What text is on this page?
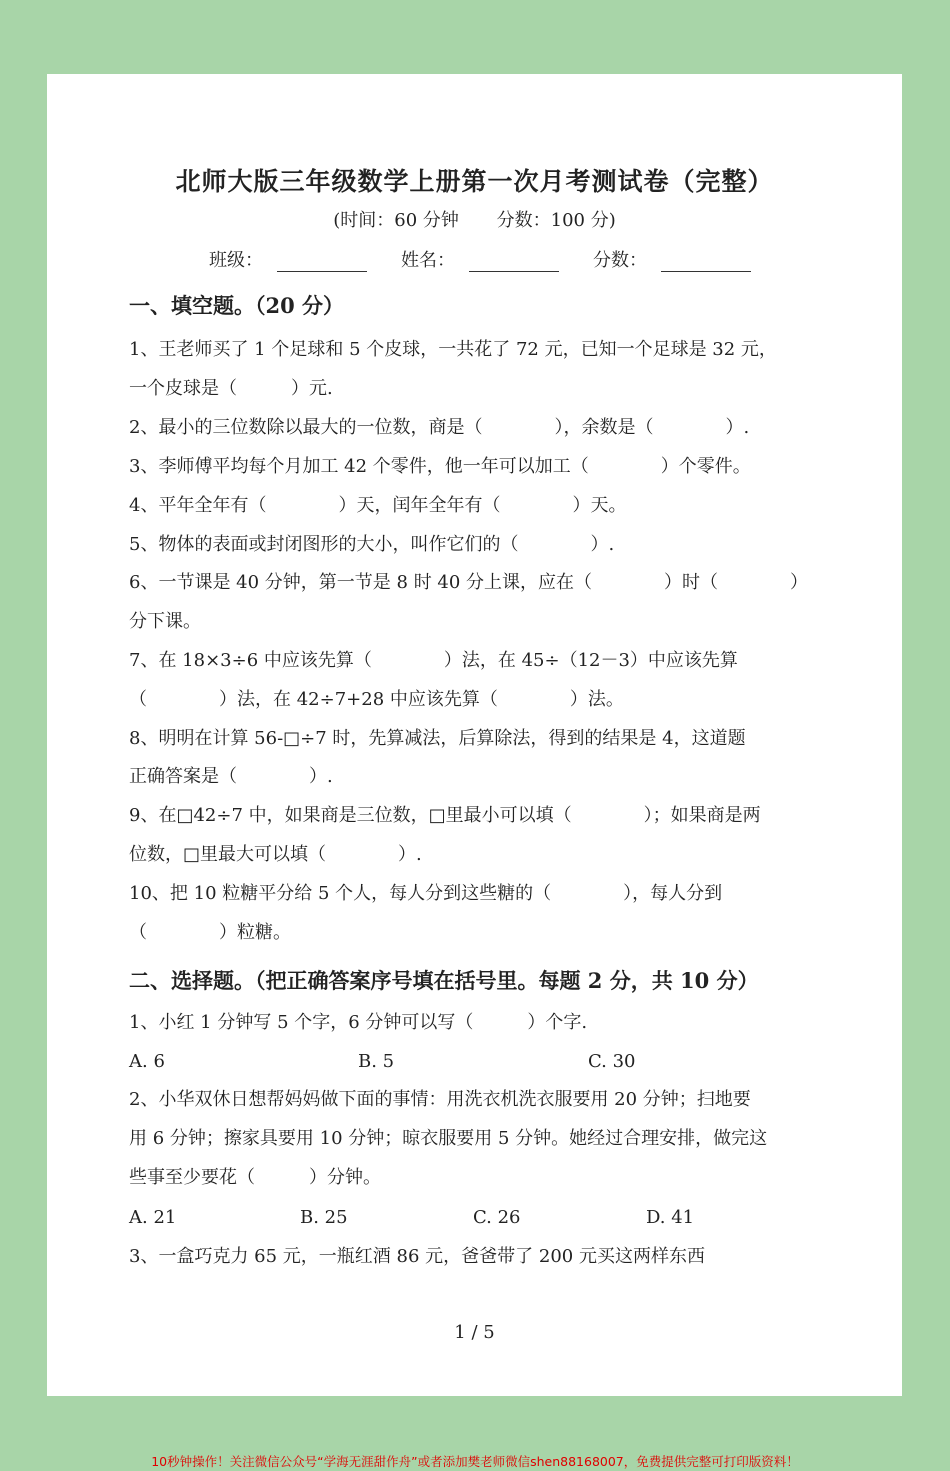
北师大版三年级数学上册第一次月考测试卷（完整）
(时间：60 分钟 分数：100 分)
班级：	姓名：	分数：
一、填空题。（20 分）
1、王老师买了 1 个足球和 5 个皮球，一共花了 72 元，已知一个足球是 32 元，
一个皮球是（　　　）元.
2、最小的三位数除以最大的一位数，商是（　　　　），余数是（　　　　）.
3、李师傅平均每个月加工 42 个零件，他一年可以加工（　　　　）个零件。
4、平年全年有（　　　　）天，闰年全年有（　　　　）天。
5、物体的表面或封闭图形的大小，叫作它们的（　　　　）.
6、一节课是 40 分钟，第一节是 8 时 40 分上课，应在（　　　　）时（　　　　）
分下课。
7、在 18×3÷6 中应该先算（　　　　）法，在 45÷（12－3）中应该先算
（　　　　）法，在 42÷7+28 中应该先算（　　　　）法。
8、明明在计算 56-□÷7 时，先算减法，后算除法，得到的结果是 4，这道题
正确答案是（　　　　）.
9、在□42÷7 中，如果商是三位数，□里最小可以填（　　　　）；如果商是两
位数，□里最大可以填（　　　　）.
10、把 10 粒糖平分给 5 个人，每人分到这些糖的（　　　　），每人分到
（　　　　）粒糖。
二、选择题。（把正确答案序号填在括号里。每题 2 分，共 10 分）
1、小红 1 分钟写 5 个字，6 分钟可以写（　　　）个字.
A. 6	B. 5	C. 30
2、小华双休日想帮妈妈做下面的事情：用洗衣机洗衣服要用 20 分钟；扫地要
用 6 分钟；擦家具要用 10 分钟；晾衣服要用 5 分钟。她经过合理安排，做完这
些事至少要花（　　　）分钟。
A. 21	B. 25	C. 26	D. 41
3、一盒巧克力 65 元，一瓶红酒 86 元，爸爸带了 200 元买这两样东西
1 / 5
10秒钟操作！关注微信公众号“学海无涯甜作舟”或者添加樊老师微信shen88168007，免费提供完整可打印版资料！
